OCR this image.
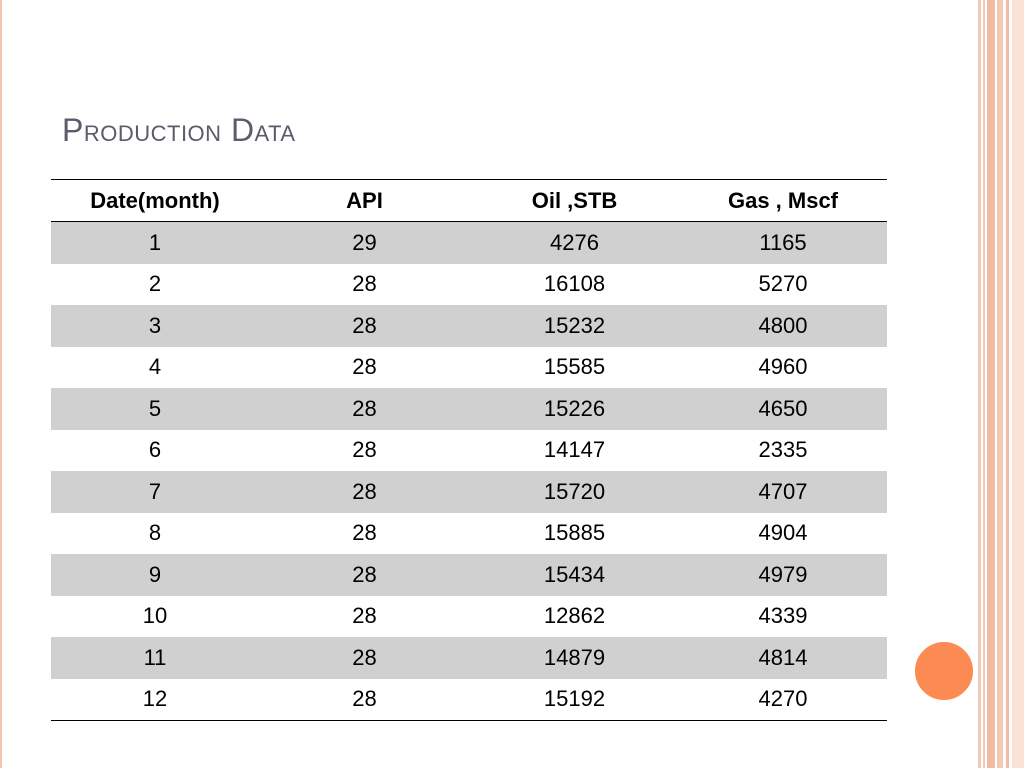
Production Data
Date(month)	API	Oil ,STB	Gas , Mscf
1	29	4276	1165
2	28	16108	5270
3	28	15232	4800
4	28	15585	4960
5	28	15226	4650
6	28	14147	2335
7	28	15720	4707
8	28	15885	4904
9	28	15434	4979
10	28	12862	4339
11	28	14879	4814
12	28	15192	4270
